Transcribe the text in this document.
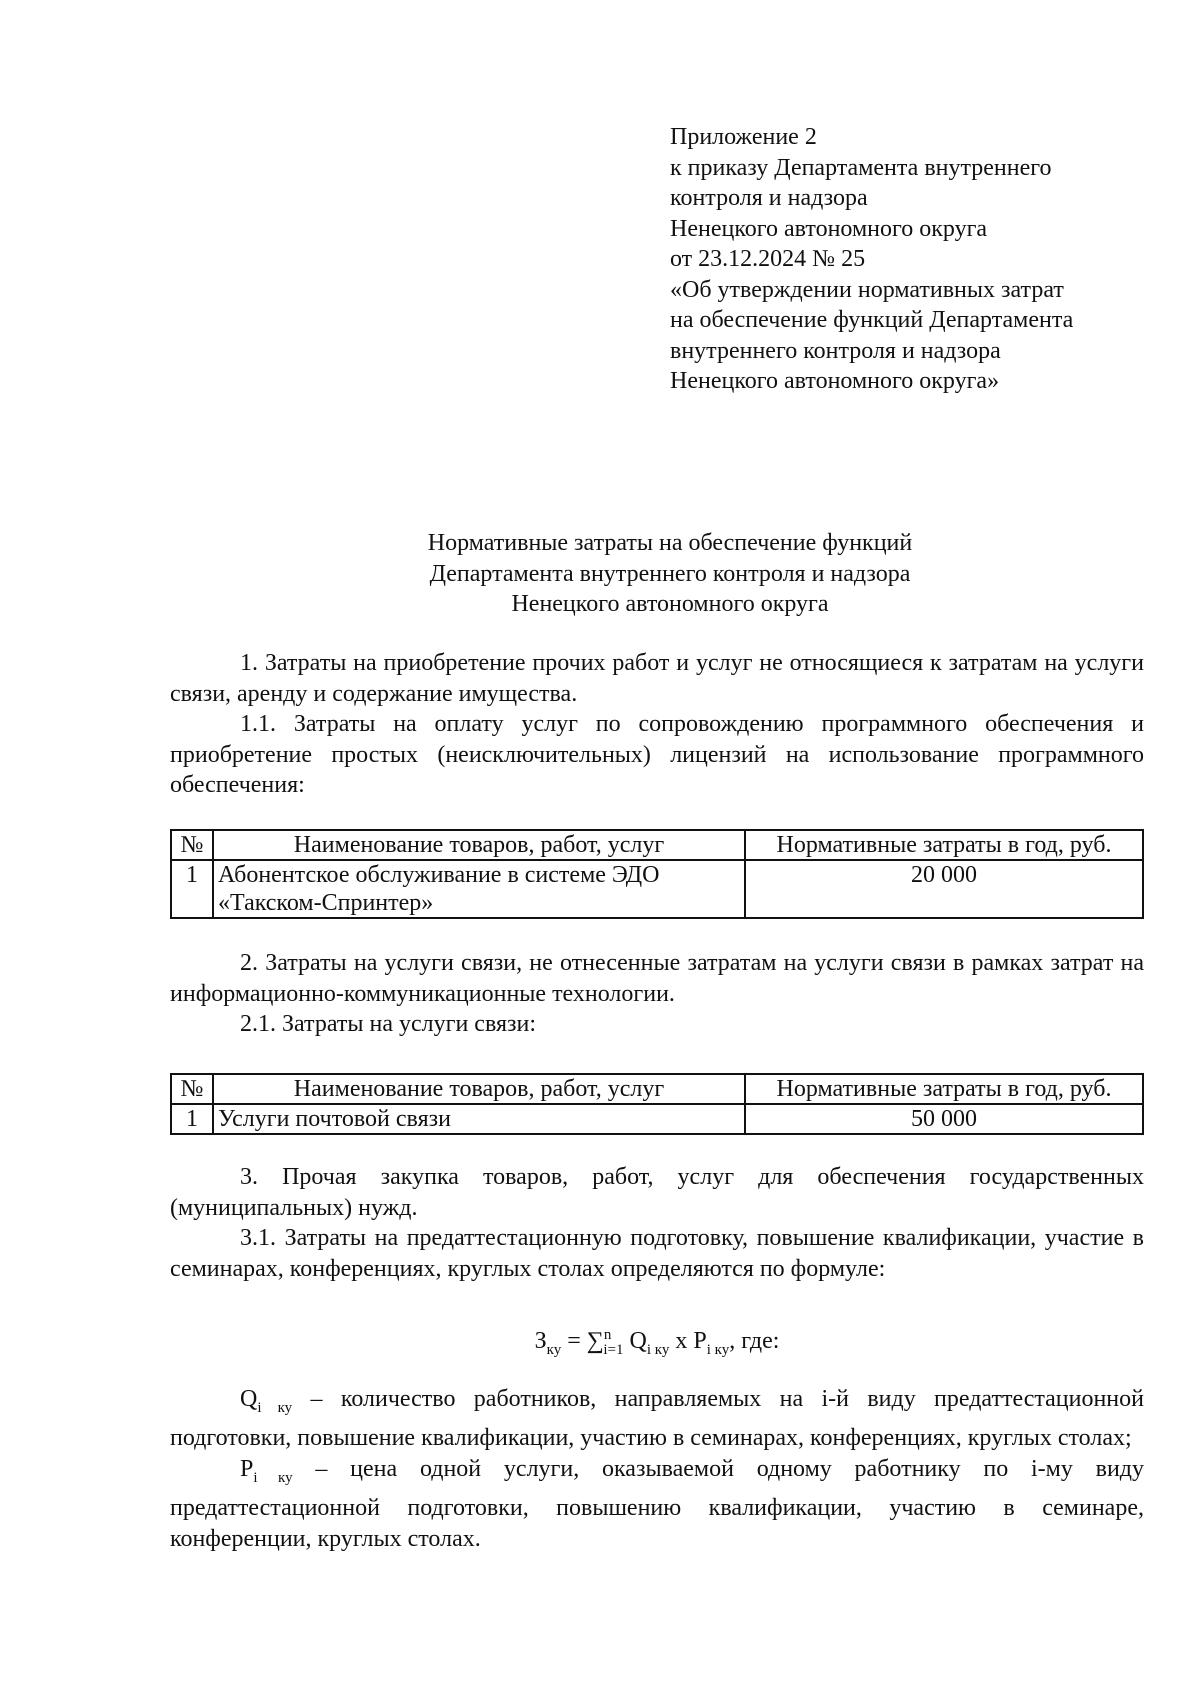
Приложение 2
к приказу Департамента внутреннего
контроля и надзора
Ненецкого автономного округа
от 23.12.2024 № 25
«Об утверждении нормативных затрат
на обеспечение функций Департамента
внутреннего контроля и надзора
Ненецкого автономного округа»
Нормативные затраты на обеспечение функций
Департамента внутреннего контроля и надзора
Ненецкого автономного округа

1. Затраты на приобретение прочих работ и услуг не относящиеся к затратам на услуги связи, аренду и содержание имущества.

1.1. Затраты на оплату услуг по сопровождению программного обеспечения и приобретение простых (неисключительных) лицензий на использование программного обеспечения:

№	Наименование товаров, работ, услуг	Нормативные затраты в год, руб.
1	Абонентское обслуживание в системе ЭДО «Такском-Спринтер»	20 000

2. Затраты на услуги связи, не отнесенные затратам на услуги связи в рамках затрат на информационно-коммуникационные технологии.

2.1. Затраты на услуги связи:

№	Наименование товаров, работ, услуг	Нормативные затраты в год, руб.
1	Услуги почтовой связи	50 000

3. Прочая закупка товаров, работ, услуг для обеспечения государственных (муниципальных) нужд.

3.1. Затраты на предаттестационную подготовку, повышение квалификации, участие в семинарах, конференциях, круглых столах определяются по формуле:

$З_{ку} = \sum^n_{i=1}$ $Q_{i ку}$ x $P_{i ку}$, где:

$Q_{i ку}$ – количество работников, направляемых на i-й виду предаттестационной подготовки, повышение квалификации, участию в семинарах, конференциях, круглых столах;

$P_{i ку}$ – цена одной услуги, оказываемой одному работнику по i-му виду предаттестационной подготовки, повышению квалификации, участию в семинаре, конференции, круглых столах.
